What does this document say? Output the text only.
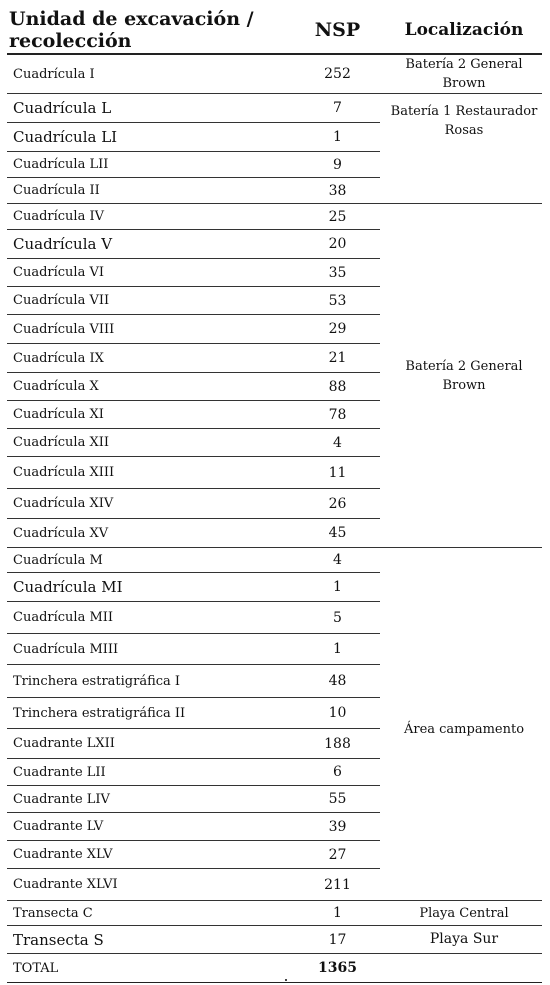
Unidad de excavación / recolección	NSP	Localización
Cuadrícula I	252	Batería 2 General Brown
Cuadrícula L	7	Batería 1 Restaurador Rosas
Cuadrícula LI	1	
Cuadrícula LII	9	
Cuadrícula II	38	
Cuadrícula IV	25	Batería 2 General Brown
Cuadrícula V	20	
Cuadrícula VI	35	
Cuadrícula VII	53	
Cuadrícula VIII	29	
Cuadrícula IX	21	
Cuadrícula X	88	
Cuadrícula XI	78	
Cuadrícula XII	4	
Cuadrícula XIII	11	
Cuadrícula XIV	26	
Cuadrícula XV	45	
Cuadrícula M	4	Área campamento
Cuadrícula MI	1	
Cuadrícula MII	5	
Cuadrícula MIII	1	
Trinchera estratigráfica I	48	
Trinchera estratigráfica II	10	
Cuadrante LXII	188	
Cuadrante LII	6	
Cuadrante LIV	55	
Cuadrante LV	39	
Cuadrante XLV	27	
Cuadrante XLVI	211	
Transecta C	1	Playa Central
Transecta S	17	Playa Sur
TOTAL	1365	
